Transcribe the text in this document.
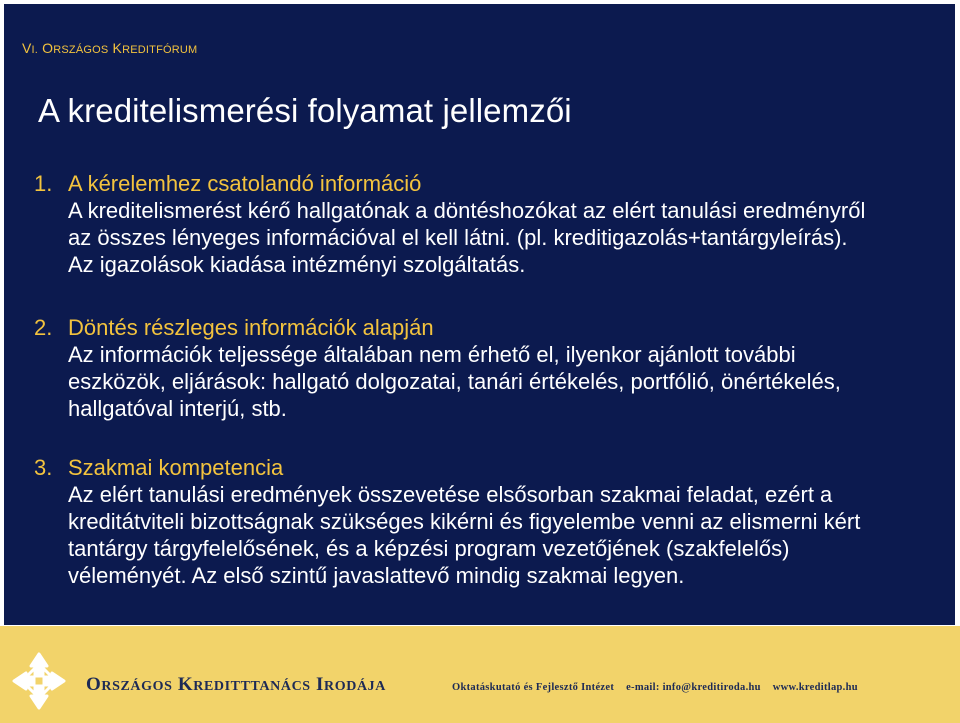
VI. ORSZÁGOS KREDITFÓRUM
A kreditelismerési folyamat jellemzői
1. A kérelemhez csatolandó információ
A kreditelismerést kérő hallgatónak a döntéshozókat az elért tanulási eredményről
az összes lényeges információval el kell látni. (pl. kreditigazolás+tantárgyleírás).
Az igazolások kiadása intézményi szolgáltatás.
2. Döntés részleges információk alapján
Az információk teljessége általában nem érhető el, ilyenkor ajánlott további
eszközök, eljárások: hallgató dolgozatai, tanári értékelés, portfólió, önértékelés,
hallgatóval interjú, stb.
3. Szakmai kompetencia
Az elért tanulási eredmények összevetése elsősorban szakmai feladat, ezért a
kreditátviteli bizottságnak szükséges kikérni és figyelembe venni az elismerni kért
tantárgy tárgyfelelősének, és a képzési program vezetőjének (szakfelelős)
véleményét. Az első szintű javaslattevő mindig szakmai legyen.
ORSZÁGOS KREDITTTANÁCS IRODÁJA	Oktatáskutató és Fejlesztő Intézet e-mail: info@kreditiroda.hu www.kreditlap.hu
